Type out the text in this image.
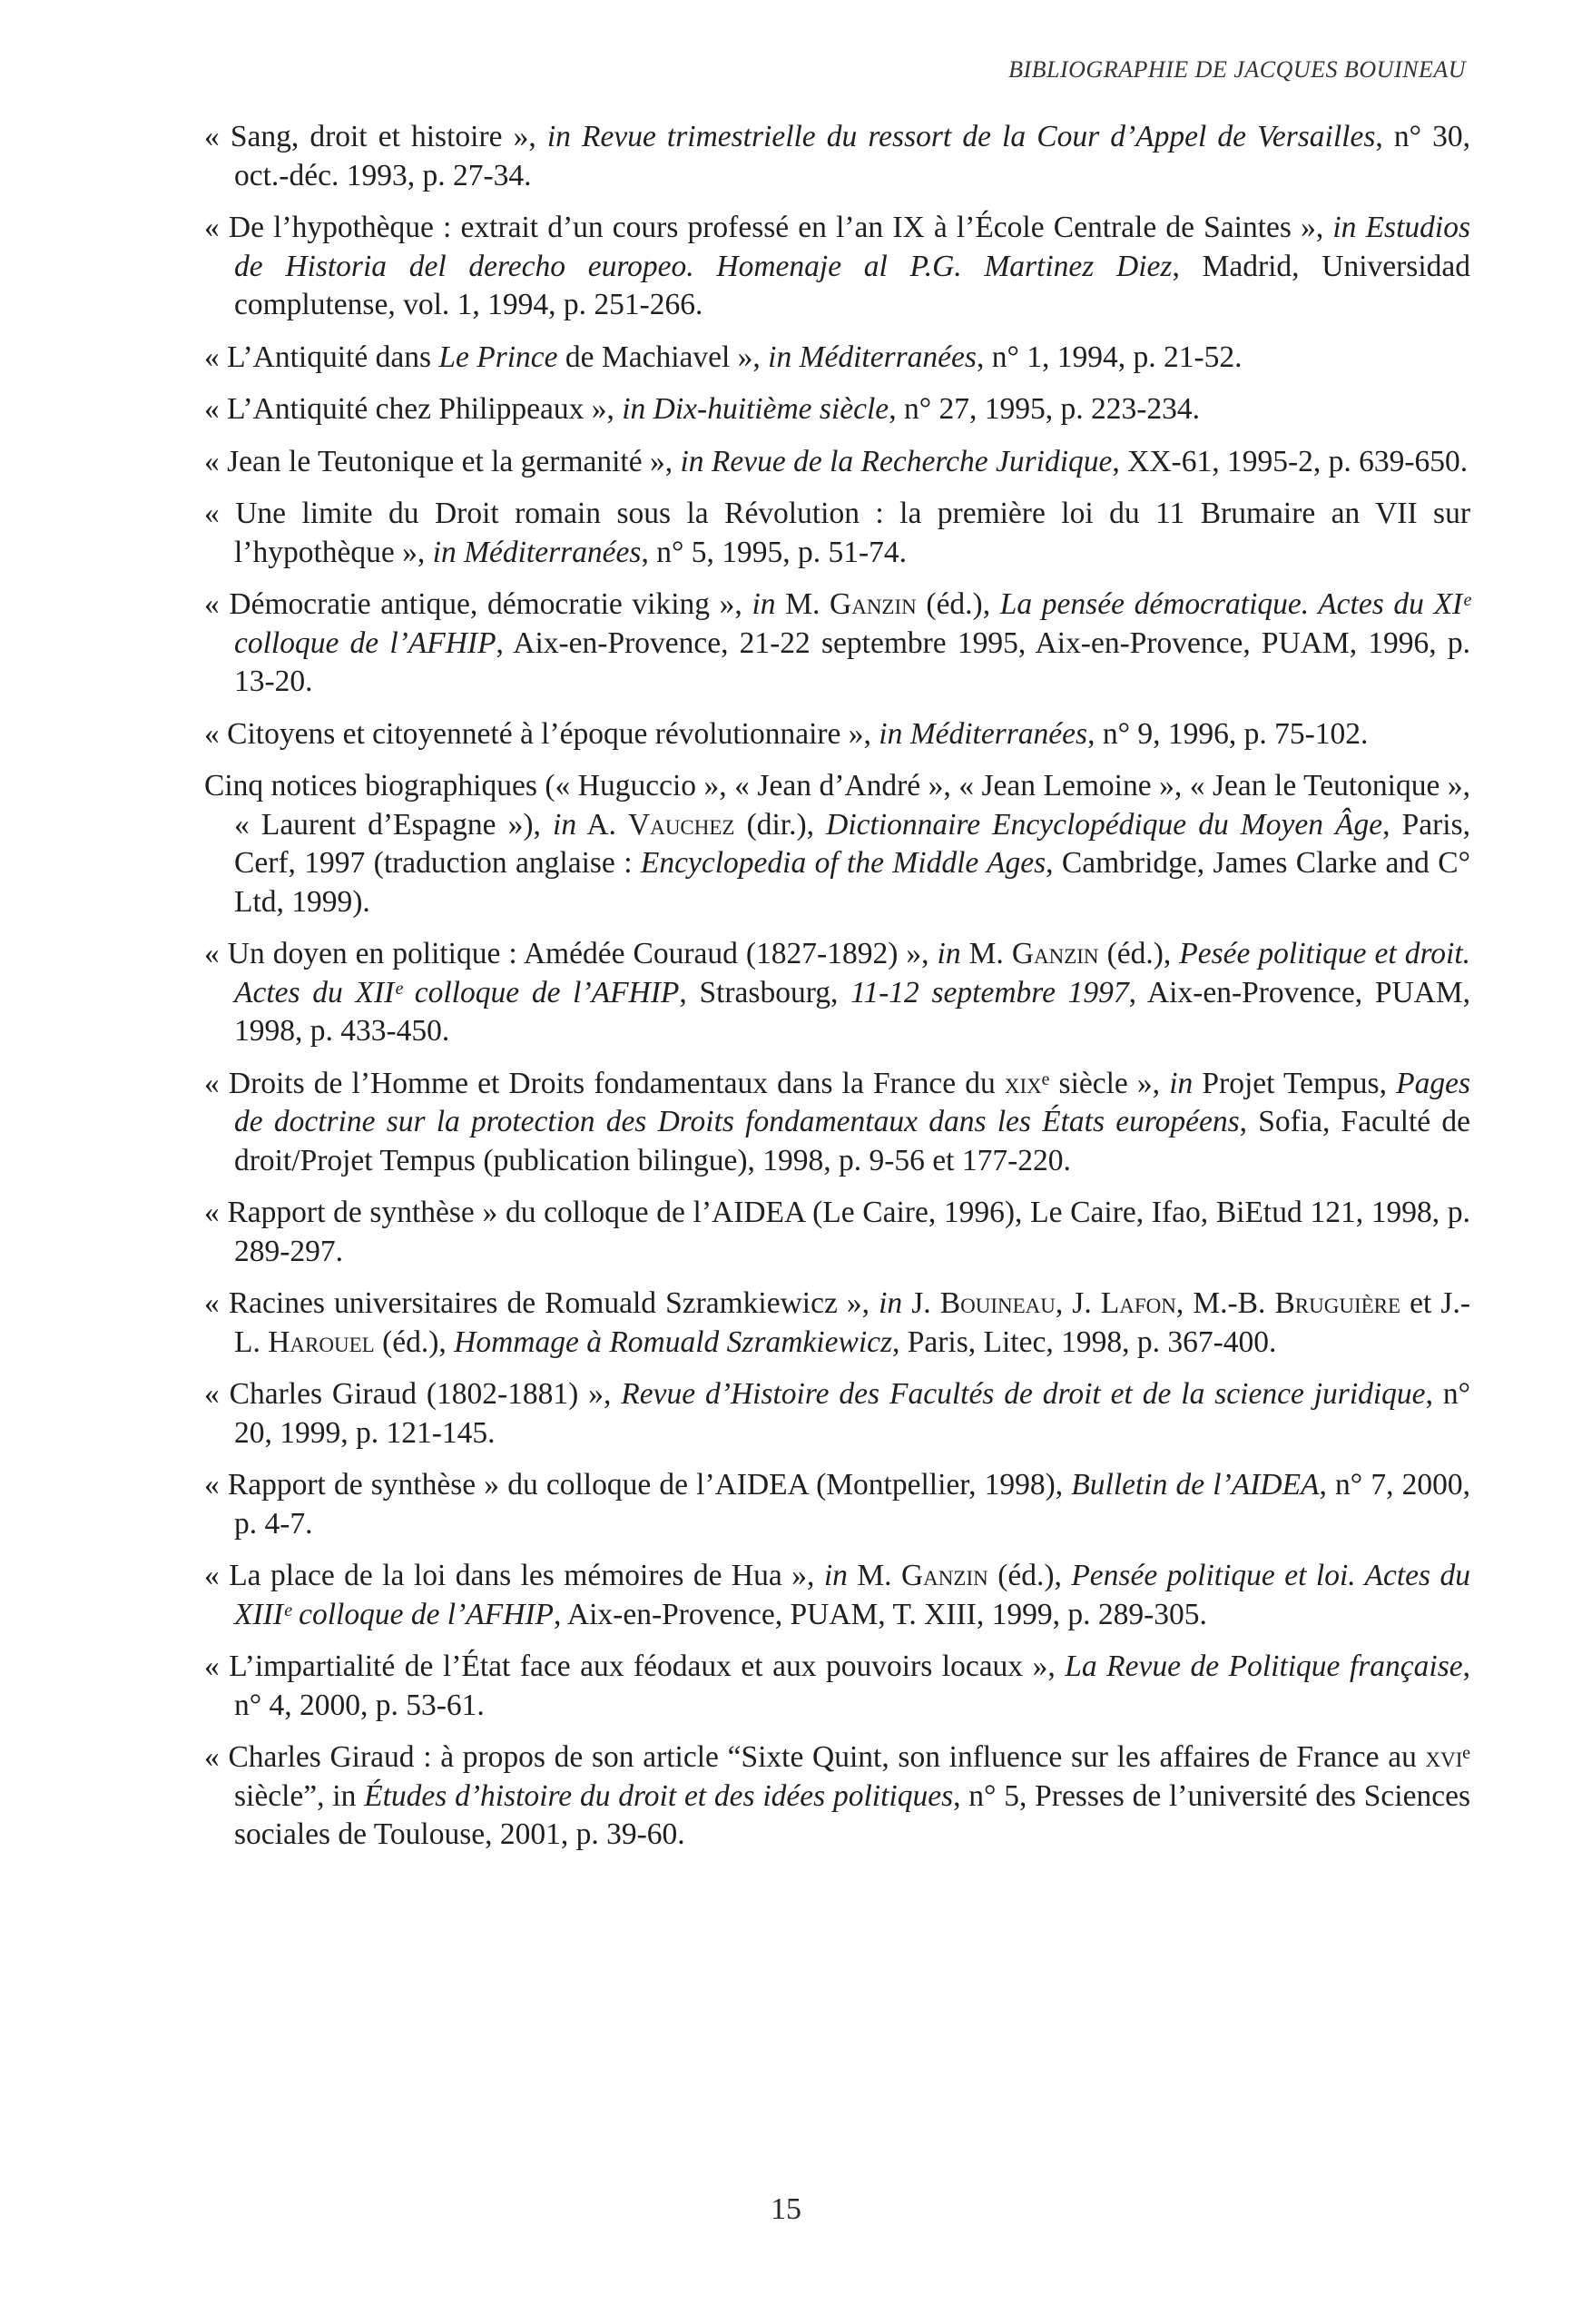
BIBLIOGRAPHIE DE JACQUES BOUINEAU
« Sang, droit et histoire », in Revue trimestrielle du ressort de la Cour d’Appel de Versailles, n° 30, oct.-déc. 1993, p. 27-34.
« De l’hypothèque : extrait d’un cours professé en l’an IX à l’École Centrale de Saintes », in Estudios de Historia del derecho europeo. Homenaje al P.G. Martinez Diez, Madrid, Universidad complutense, vol. 1, 1994, p. 251-266.
« L’Antiquité dans Le Prince de Machiavel », in Méditerranées, n° 1, 1994, p. 21-52.
« L’Antiquité chez Philippeaux », in Dix-huitième siècle, n° 27, 1995, p. 223-234.
« Jean le Teutonique et la germanité », in Revue de la Recherche Juridique, XX-61, 1995-2, p. 639-650.
« Une limite du Droit romain sous la Révolution : la première loi du 11 Brumaire an VII sur l’hypothèque », in Méditerranées, n° 5, 1995, p. 51-74.
« Démocratie antique, démocratie viking », in M. Ganzin (éd.), La pensée démocratique. Actes du XIᵉ colloque de l’AFHIP, Aix-en-Provence, 21-22 septembre 1995, Aix-en-Provence, PUAM, 1996, p. 13-20.
« Citoyens et citoyenneté à l’époque révolutionnaire », in Méditerranées, n° 9, 1996, p. 75-102.
Cinq notices biographiques (« Huguccio », « Jean d’André », « Jean Lemoine », « Jean le Teutonique », « Laurent d’Espagne »), in A. Vauchez (dir.), Dictionnaire Encyclopédique du Moyen Âge, Paris, Cerf, 1997 (traduction anglaise : Encyclopedia of the Middle Ages, Cambridge, James Clarke and C° Ltd, 1999).
« Un doyen en politique : Amédée Couraud (1827-1892) », in M. Ganzin (éd.), Pesée politique et droit. Actes du XIIᵉ colloque de l’AFHIP, Strasbourg, 11-12 septembre 1997, Aix-en-Provence, PUAM, 1998, p. 433-450.
« Droits de l’Homme et Droits fondamentaux dans la France du xixᵉ siècle », in Projet Tempus, Pages de doctrine sur la protection des Droits fondamentaux dans les États européens, Sofia, Faculté de droit/Projet Tempus (publication bilingue), 1998, p. 9-56 et 177-220.
« Rapport de synthèse » du colloque de l’AIDEA (Le Caire, 1996), Le Caire, Ifao, BiEtud 121, 1998, p. 289-297.
« Racines universitaires de Romuald Szramkiewicz », in J. Bouineau, J. Lafon, M.-B. Bruguière et J.-L. Harouel (éd.), Hommage à Romuald Szramkiewicz, Paris, Litec, 1998, p. 367-400.
« Charles Giraud (1802-1881) », Revue d’Histoire des Facultés de droit et de la science juridique, n° 20, 1999, p. 121-145.
« Rapport de synthèse » du colloque de l’AIDEA (Montpellier, 1998), Bulletin de l’AIDEA, n° 7, 2000, p. 4-7.
« La place de la loi dans les mémoires de Hua », in M. Ganzin (éd.), Pensée politique et loi. Actes du XIIIᵉ colloque de l’AFHIP, Aix-en-Provence, PUAM, T. XIII, 1999, p. 289-305.
« L’impartialité de l’État face aux féodaux et aux pouvoirs locaux », La Revue de Politique française, n° 4, 2000, p. 53-61.
« Charles Giraud : à propos de son article “Sixte Quint, son influence sur les affaires de France au xviᵉ siècle”, in Études d’histoire du droit et des idées politiques, n° 5, Presses de l’université des Sciences sociales de Toulouse, 2001, p. 39-60.
15
